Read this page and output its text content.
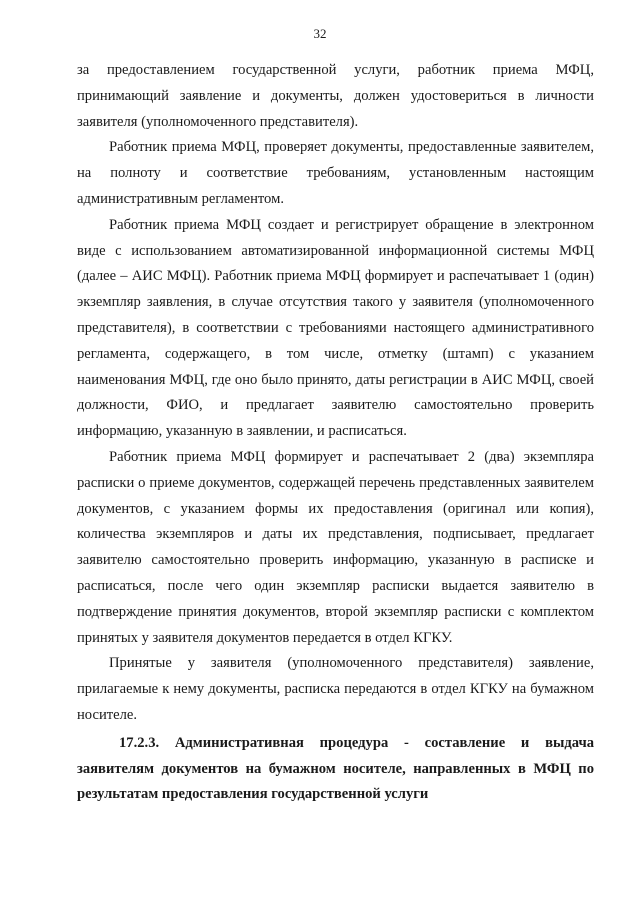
32

за предоставлением государственной услуги, работник приема МФЦ, принимающий заявление и документы, должен удостовериться в личности заявителя (уполномоченного представителя).

Работник приема МФЦ, проверяет документы, предоставленные заявителем, на полноту и соответствие требованиям, установленным настоящим административным регламентом.

Работник приема МФЦ создает и регистрирует обращение в электронном виде с использованием автоматизированной информационной системы МФЦ (далее – АИС МФЦ). Работник приема МФЦ формирует и распечатывает 1 (один) экземпляр заявления, в случае отсутствия такого у заявителя (уполномоченного представителя), в соответствии с требованиями настоящего административного регламента, содержащего, в том числе, отметку (штамп) с указанием наименования МФЦ, где оно было принято, даты регистрации в АИС МФЦ, своей должности, ФИО, и предлагает заявителю самостоятельно проверить информацию, указанную в заявлении, и расписаться.

Работник приема МФЦ формирует и распечатывает 2 (два) экземпляра расписки о приеме документов, содержащей перечень представленных заявителем документов, с указанием формы их предоставления (оригинал или копия), количества экземпляров и даты их представления, подписывает, предлагает заявителю самостоятельно проверить информацию, указанную в расписке и расписаться, после чего один экземпляр расписки выдается заявителю в подтверждение принятия документов, второй экземпляр расписки с комплектом принятых у заявителя документов передается в отдел КГКУ.

Принятые у заявителя (уполномоченного представителя) заявление, прилагаемые к нему документы, расписка передаются в отдел КГКУ на бумажном носителе.

17.2.3. Административная процедура - составление и выдача заявителям документов на бумажном носителе, направленных в МФЦ по результатам предоставления государственной услуги
